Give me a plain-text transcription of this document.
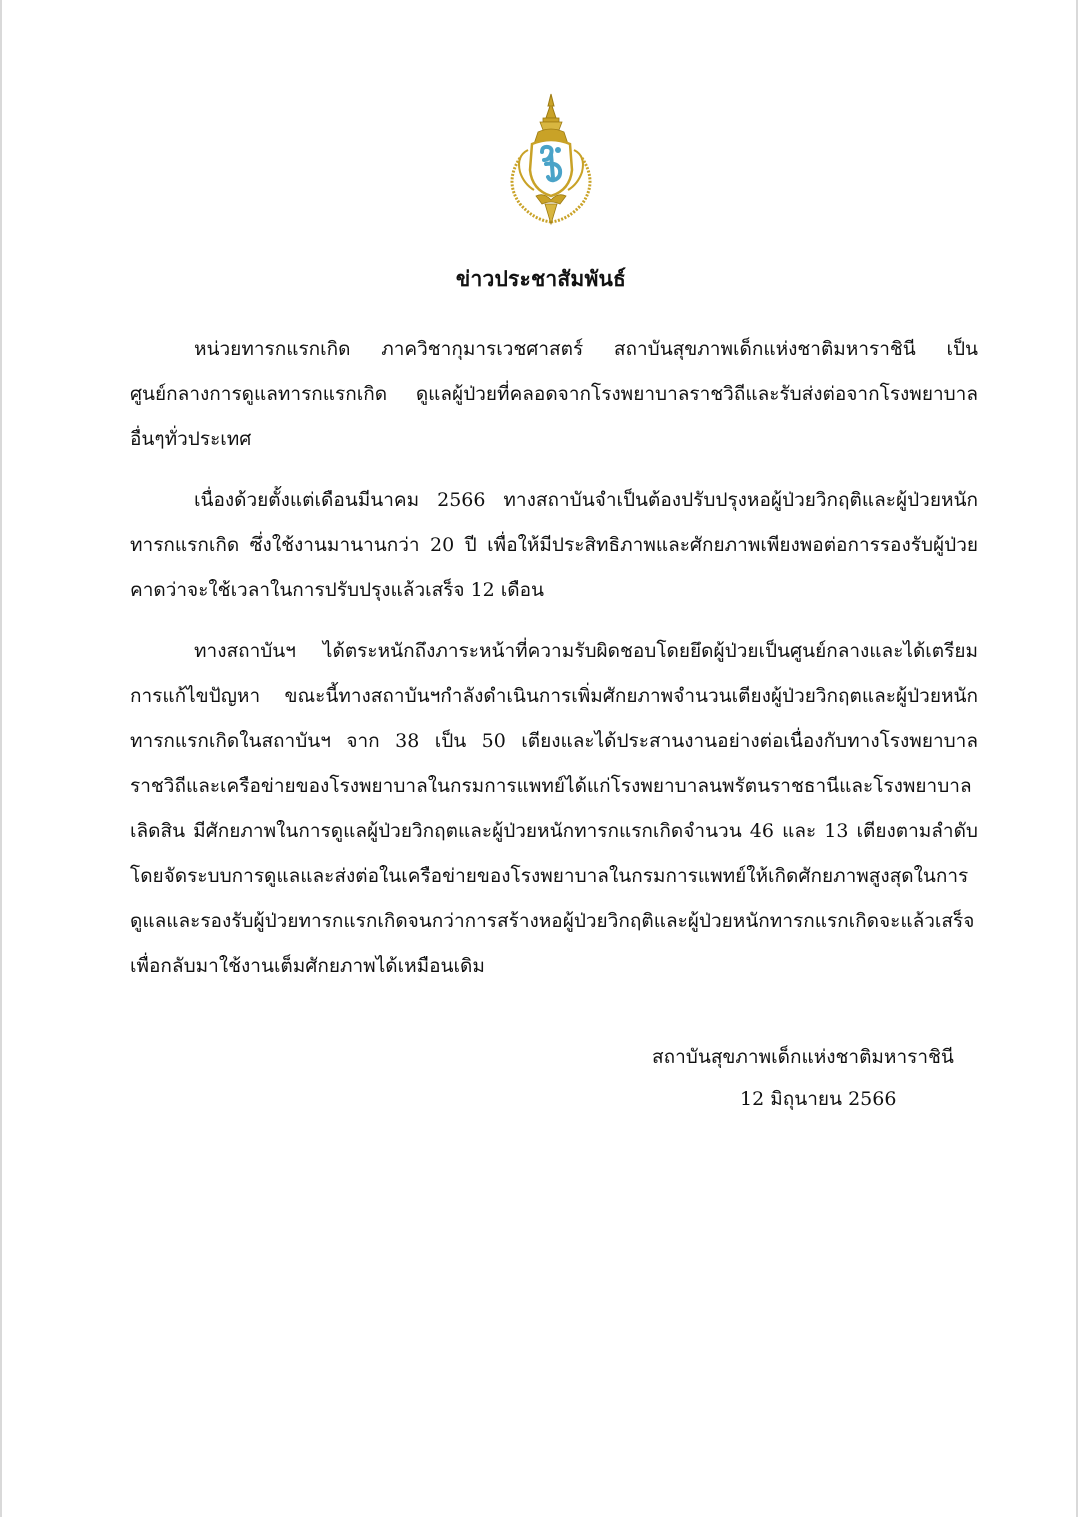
ข่าวประชาสัมพันธ์

หน่วยทารกแรกเกิด ภาควิชากุมารเวชศาสตร์ สถาบันสุขภาพเด็กแห่งชาติมหาราชินี เป็นศูนย์กลางการดูแลทารกแรกเกิด ดูแลผู้ป่วยที่คลอดจากโรงพยาบาลราชวิถีและรับส่งต่อจากโรงพยาบาลอื่นๆทั่วประเทศ

เนื่องด้วยตั้งแต่เดือนมีนาคม 2566 ทางสถาบันจำเป็นต้องปรับปรุงหอผู้ป่วยวิกฤติและผู้ป่วยหนักทารกแรกเกิด ซึ่งใช้งานมานานกว่า 20 ปี เพื่อให้มีประสิทธิภาพและศักยภาพเพียงพอต่อการรองรับผู้ป่วย คาดว่าจะใช้เวลาในการปรับปรุงแล้วเสร็จ 12 เดือน

ทางสถาบันฯ ได้ตระหนักถึงภาระหน้าที่ความรับผิดชอบโดยยึดผู้ป่วยเป็นศูนย์กลางและได้เตรียมการแก้ไขปัญหา ขณะนี้ทางสถาบันฯกำลังดำเนินการเพิ่มศักยภาพจำนวนเตียงผู้ป่วยวิกฤตและผู้ป่วยหนักทารกแรกเกิดในสถาบันฯ จาก 38 เป็น 50 เตียงและได้ประสานงานอย่างต่อเนื่องกับทางโรงพยาบาลราชวิถีและเครือข่ายของโรงพยาบาลในกรมการแพทย์ได้แก่โรงพยาบาลนพรัตนราชธานีและโรงพยาบาลเลิดสิน มีศักยภาพในการดูแลผู้ป่วยวิกฤตและผู้ป่วยหนักทารกแรกเกิดจำนวน 46 และ 13 เตียงตามลำดับ โดยจัดระบบการดูแลและส่งต่อในเครือข่ายของโรงพยาบาลในกรมการแพทย์ให้เกิดศักยภาพสูงสุดในการดูแลและรองรับผู้ป่วยทารกแรกเกิดจนกว่าการสร้างหอผู้ป่วยวิกฤติและผู้ป่วยหนักทารกแรกเกิดจะแล้วเสร็จ เพื่อกลับมาใช้งานเต็มศักยภาพได้เหมือนเดิม

สถาบันสุขภาพเด็กแห่งชาติมหาราชินี
12 มิถุนายน 2566
